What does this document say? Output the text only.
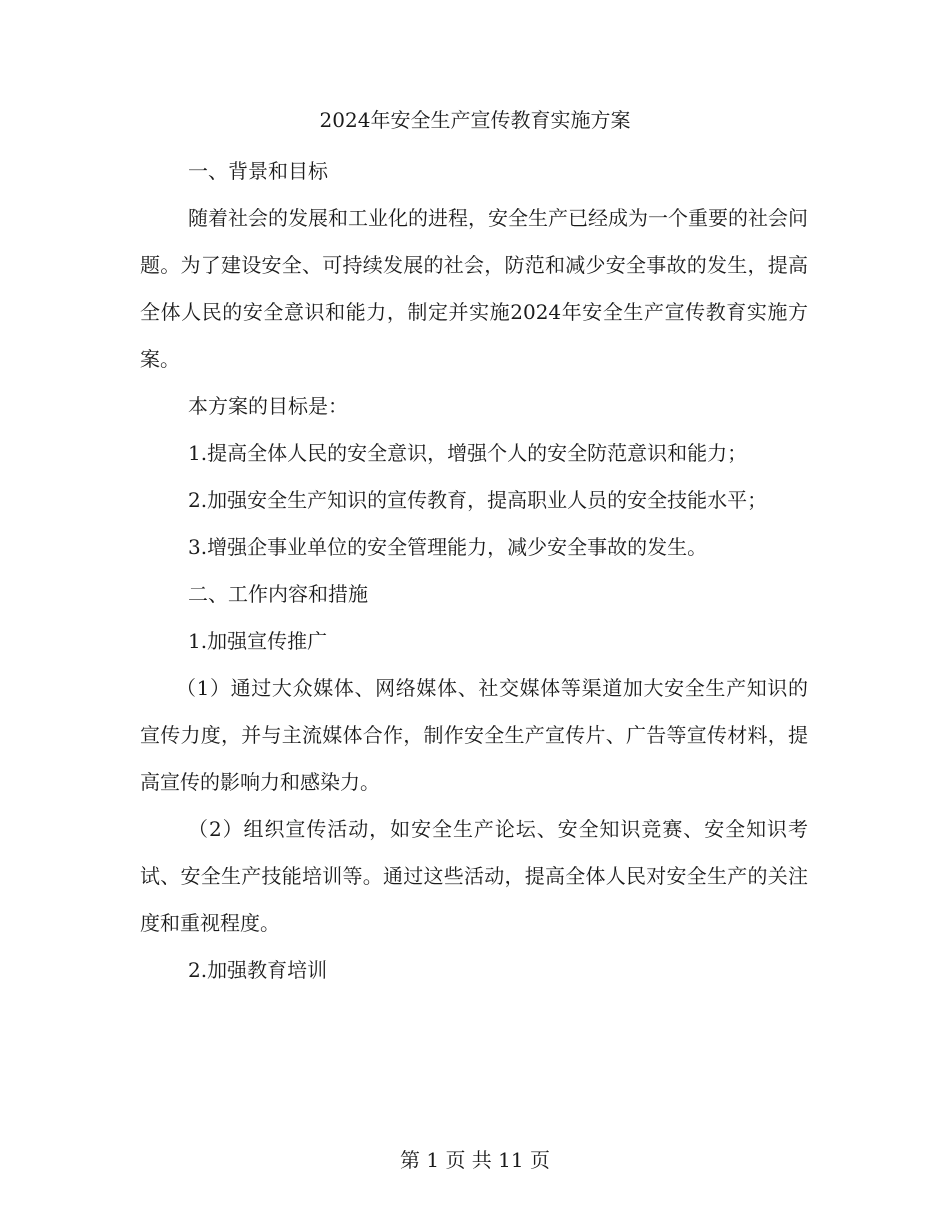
2024年安全生产宣传教育实施方案

一、背景和目标

随着社会的发展和工业化的进程，安全生产已经成为一个重要的社会问题。为了建设安全、可持续发展的社会，防范和减少安全事故的发生，提高全体人民的安全意识和能力，制定并实施2024年安全生产宣传教育实施方案。

本方案的目标是：

1.提高全体人民的安全意识，增强个人的安全防范意识和能力；

2.加强安全生产知识的宣传教育，提高职业人员的安全技能水平；

3.增强企事业单位的安全管理能力，减少安全事故的发生。

二、工作内容和措施

1.加强宣传推广

（1）通过大众媒体、网络媒体、社交媒体等渠道加大安全生产知识的宣传力度，并与主流媒体合作，制作安全生产宣传片、广告等宣传材料，提高宣传的影响力和感染力。

（2）组织宣传活动，如安全生产论坛、安全知识竞赛、安全知识考试、安全生产技能培训等。通过这些活动，提高全体人民对安全生产的关注度和重视程度。

2.加强教育培训

第 1 页 共 11 页
